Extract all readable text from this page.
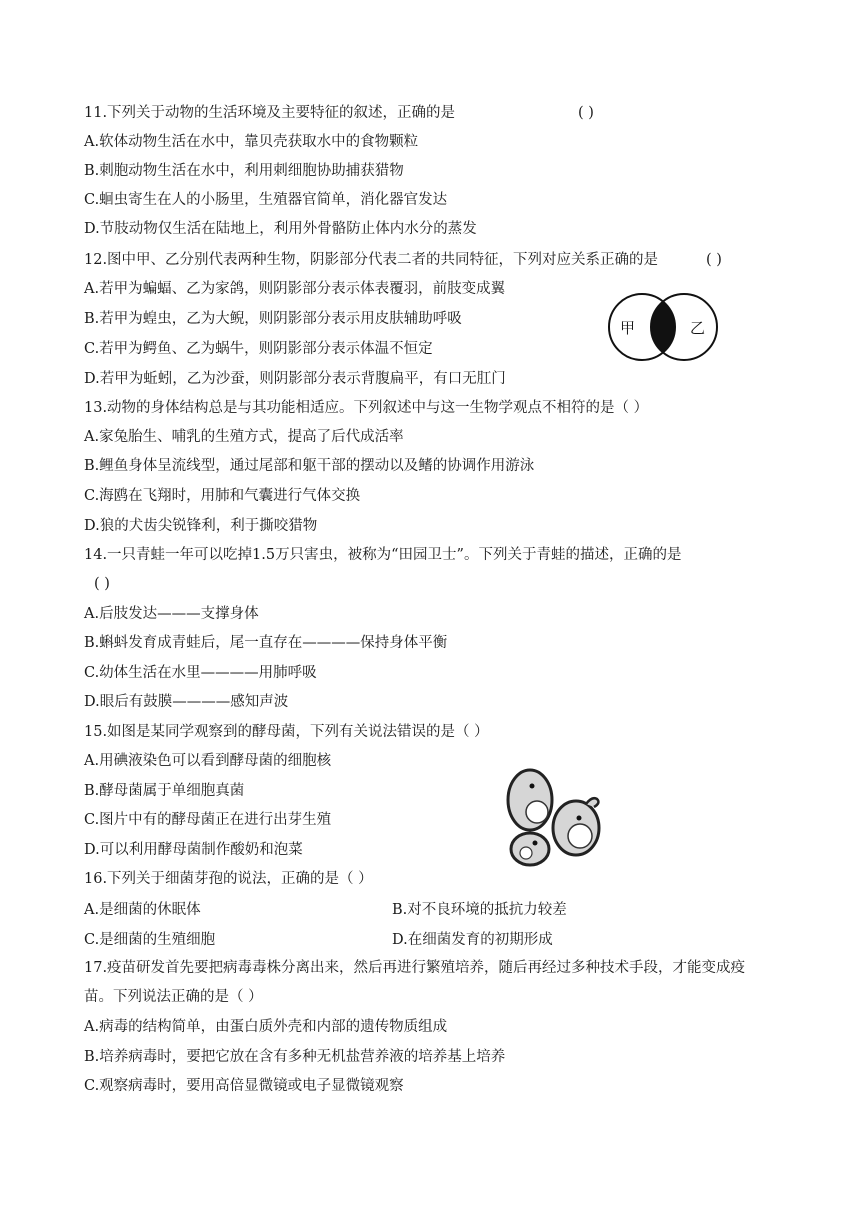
11.下列关于动物的生活环境及主要特征的叙述，正确的是	( )
A.软体动物生活在水中，靠贝壳获取水中的食物颗粒
B.刺胞动物生活在水中，利用刺细胞协助捕获猎物
C.蛔虫寄生在人的小肠里，生殖器官简单，消化器官发达
D.节肢动物仅生活在陆地上，利用外骨骼防止体内水分的蒸发
12.图中甲、乙分别代表两种生物，阴影部分代表二者的共同特征，下列对应关系正确的是	( )
A.若甲为蝙蝠、乙为家鸽，则阴影部分表示体表覆羽，前肢变成翼
B.若甲为蝗虫，乙为大鲵，则阴影部分表示用皮肤辅助呼吸
C.若甲为鳄鱼、乙为蜗牛，则阴影部分表示体温不恒定
D.若甲为蚯蚓，乙为沙蚕，则阴影部分表示背腹扁平，有口无肛门
甲	乙
13.动物的身体结构总是与其功能相适应。下列叙述中与这一生物学观点不相符的是（ ）
A.家兔胎生、哺乳的生殖方式，提高了后代成活率
B.鲤鱼身体呈流线型，通过尾部和躯干部的摆动以及鳍的协调作用游泳
C.海鸥在飞翔时，用肺和气囊进行气体交换
D.狼的犬齿尖锐锋利，利于撕咬猎物
14.一只青蛙一年可以吃掉1.5万只害虫，被称为“田园卫士”。下列关于青蛙的描述，正确的是
( )
A.后肢发达———支撑身体
B.蝌蚪发育成青蛙后，尾一直存在————保持身体平衡
C.幼体生活在水里————用肺呼吸
D.眼后有鼓膜————感知声波
15.如图是某同学观察到的酵母菌，下列有关说法错误的是（ ）
A.用碘液染色可以看到酵母菌的细胞核
B.酵母菌属于单细胞真菌
C.图片中有的酵母菌正在进行出芽生殖
D.可以利用酵母菌制作酸奶和泡菜
16.下列关于细菌芽孢的说法，正确的是（ ）
A.是细菌的休眠体	B.对不良环境的抵抗力较差
C.是细菌的生殖细胞	D.在细菌发育的初期形成
17.疫苗研发首先要把病毒毒株分离出来，然后再进行繁殖培养，随后再经过多种技术手段，才能变成疫
苗。下列说法正确的是（ ）
A.病毒的结构简单，由蛋白质外壳和内部的遗传物质组成
B.培养病毒时，要把它放在含有多种无机盐营养液的培养基上培养
C.观察病毒时，要用高倍显微镜或电子显微镜观察
